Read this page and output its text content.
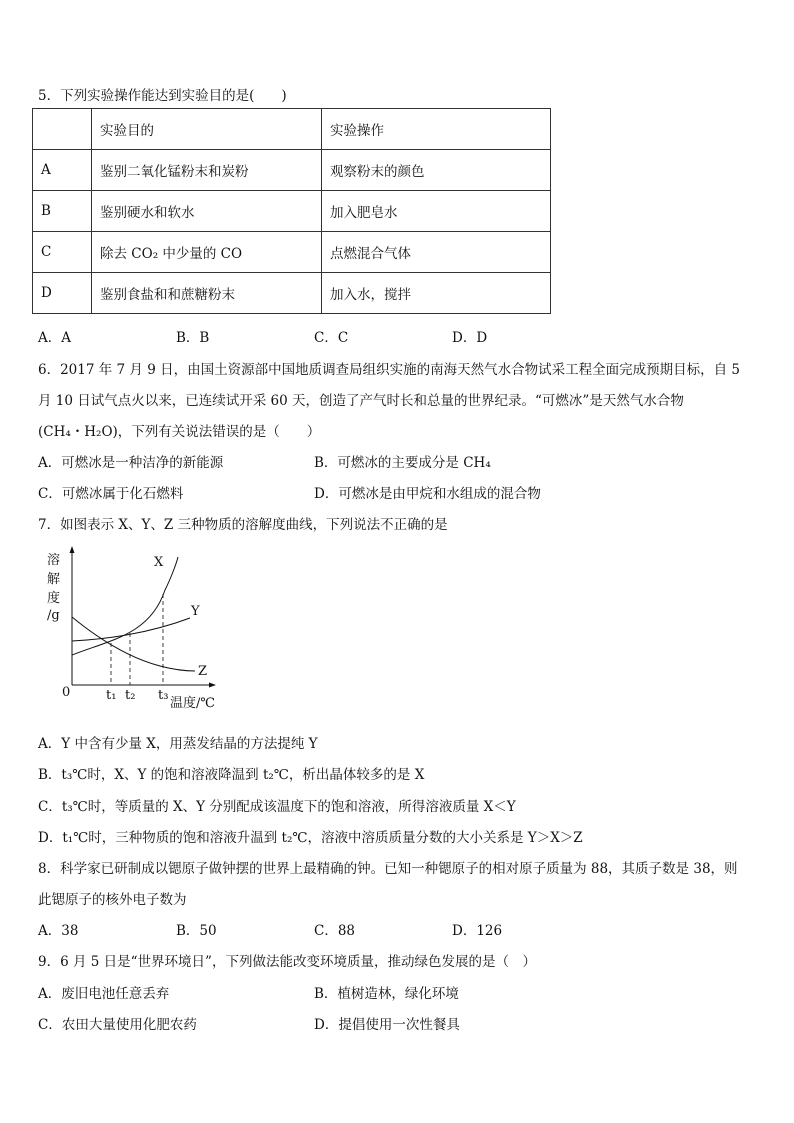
5．下列实验操作能达到实验目的是(　　)
	实验目的	实验操作
A	鉴别二氧化锰粉末和炭粉	观察粉末的颜色
B	鉴别硬水和软水	加入肥皂水
C	除去 CO₂ 中少量的 CO	点燃混合气体
D	鉴别食盐和和蔗糖粉末	加入水，搅拌
A．A	B．B	C．C	D．D
6．2017 年 7 月 9 日，由国土资源部中国地质调查局组织实施的南海天然气水合物试采工程全面完成预期目标，自 5
月 10 日试气点火以来，已连续试开采 60 天，创造了产气时长和总量的世界纪录。“可燃冰”是天然气水合物
(CH₄・H₂O)，下列有关说法错误的是（　　）
A．可燃冰是一种洁净的新能源	B．可燃冰的主要成分是 CH₄
C．可燃冰属于化石燃料	D．可燃冰是由甲烷和水组成的混合物
7．如图表示 X、Y、Z 三种物质的溶解度曲线，下列说法不正确的是
溶
解
度
/g
0
温度/℃
X
Y
Z
t₁ t₂ t₃
A．Y 中含有少量 X，用蒸发结晶的方法提纯 Y
B．t₃℃时，X、Y 的饱和溶液降温到 t₂℃，析出晶体较多的是 X
C．t₃℃时，等质量的 X、Y 分别配成该温度下的饱和溶液，所得溶液质量 X＜Y
D．t₁℃时，三种物质的饱和溶液升温到 t₂℃，溶液中溶质质量分数的大小关系是 Y＞X＞Z
8．科学家已研制成以锶原子做钟摆的世界上最精确的钟。已知一种锶原子的相对原子质量为 88，其质子数是 38，则
此锶原子的核外电子数为
A．38	B．50	C．88	D．126
9．6 月 5 日是“世界环境日”，下列做法能改变环境质量，推动绿色发展的是（　）
A．废旧电池任意丢弃	B．植树造林，绿化环境
C．农田大量使用化肥农药	D．提倡使用一次性餐具
